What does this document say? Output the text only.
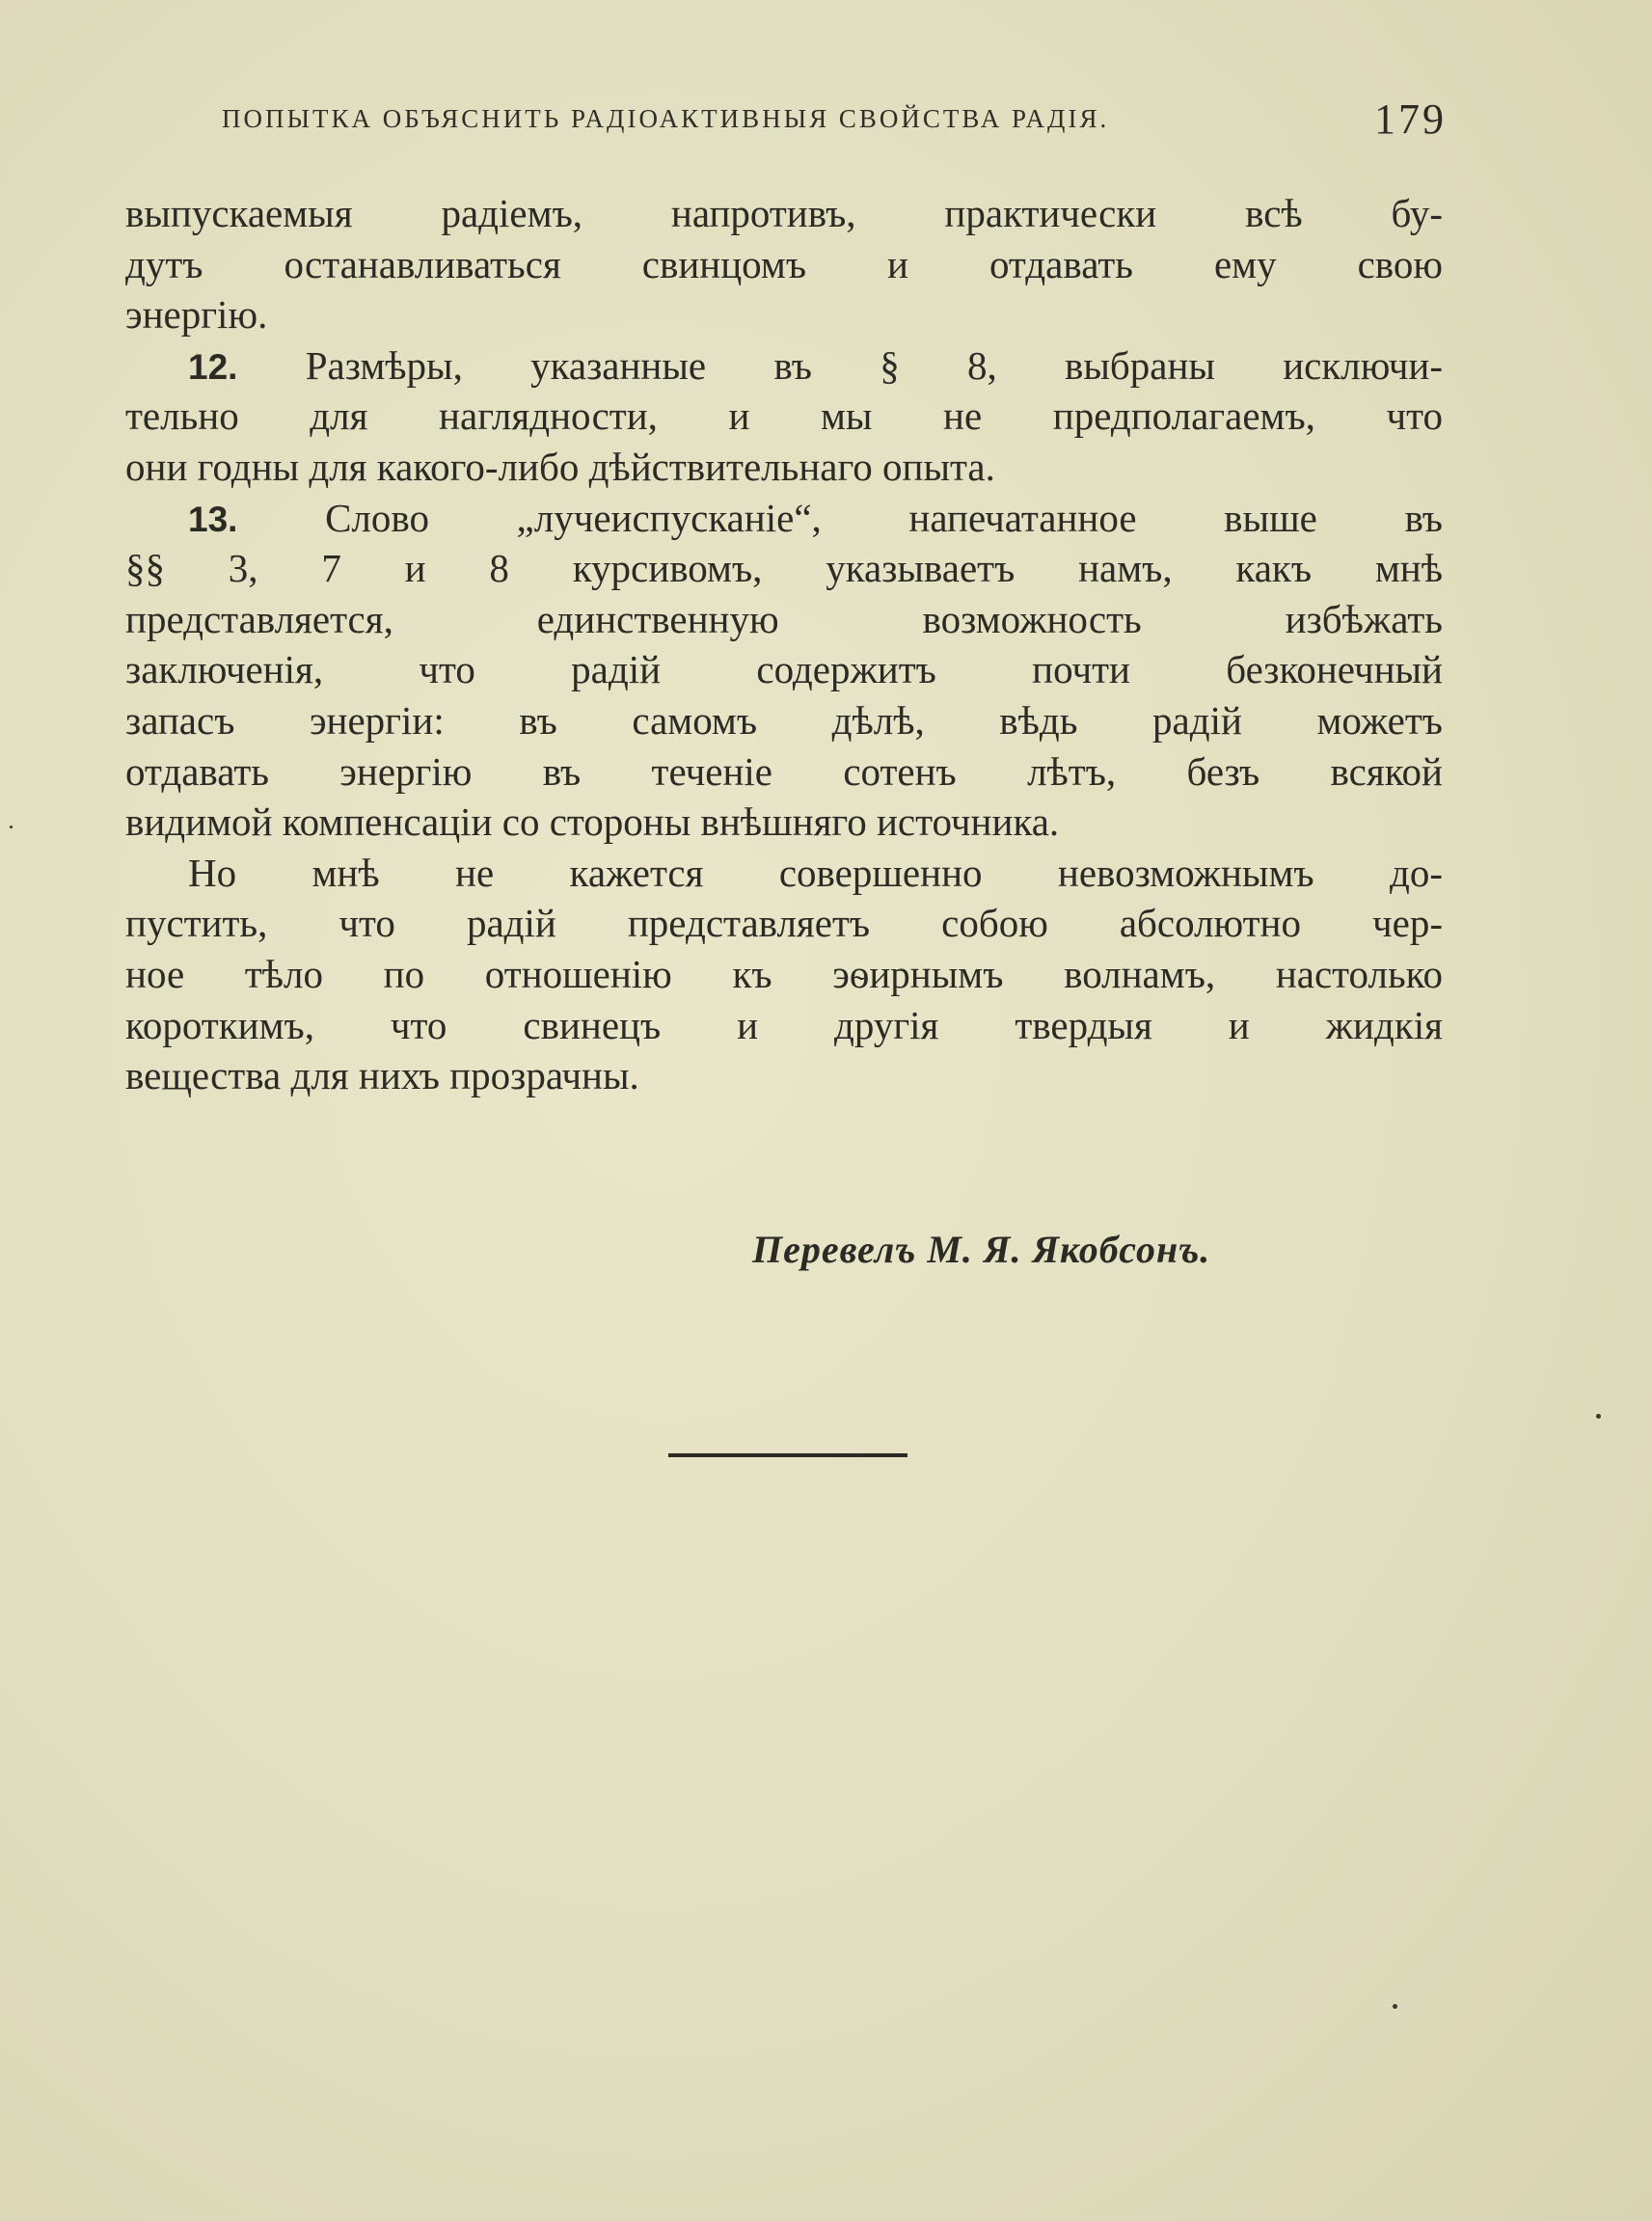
ПОПЫТКА ОБЪЯСНИТЬ РАДІОАКТИВНЫЯ СВОЙСТВА РАДІЯ.	179
выпускаемыя радіемъ, напротивъ, практически всѣ бу-
дутъ останавливаться свинцомъ и отдавать ему свою
энергію.
12. Размѣры, указанные въ § 8, выбраны исключи-
тельно для наглядности, и мы не предполагаемъ, что
они годны для какого-либо дѣйствительнаго опыта.
13. Слово „лучеиспусканіе“, напечатанное выше въ
§§ 3, 7 и 8 курсивомъ, указываетъ намъ, какъ мнѣ
представляется, единственную возможность избѣжать
заключенія, что радій содержитъ почти безконечный
запасъ энергіи: въ самомъ дѣлѣ, вѣдь радій можетъ
отдавать энергію въ теченіе сотенъ лѣтъ, безъ всякой
видимой компенсаціи со стороны внѣшняго источника.
Но мнѣ не кажется совершенно невозможнымъ до-
пустить, что радій представляетъ собою абсолютно чер-
ное тѣло по отношенію къ эѳирнымъ волнамъ, настолько
короткимъ, что свинецъ и другія твердыя и жидкія
вещества для нихъ прозрачны.
Перевелъ М. Я. Якобсонъ.
